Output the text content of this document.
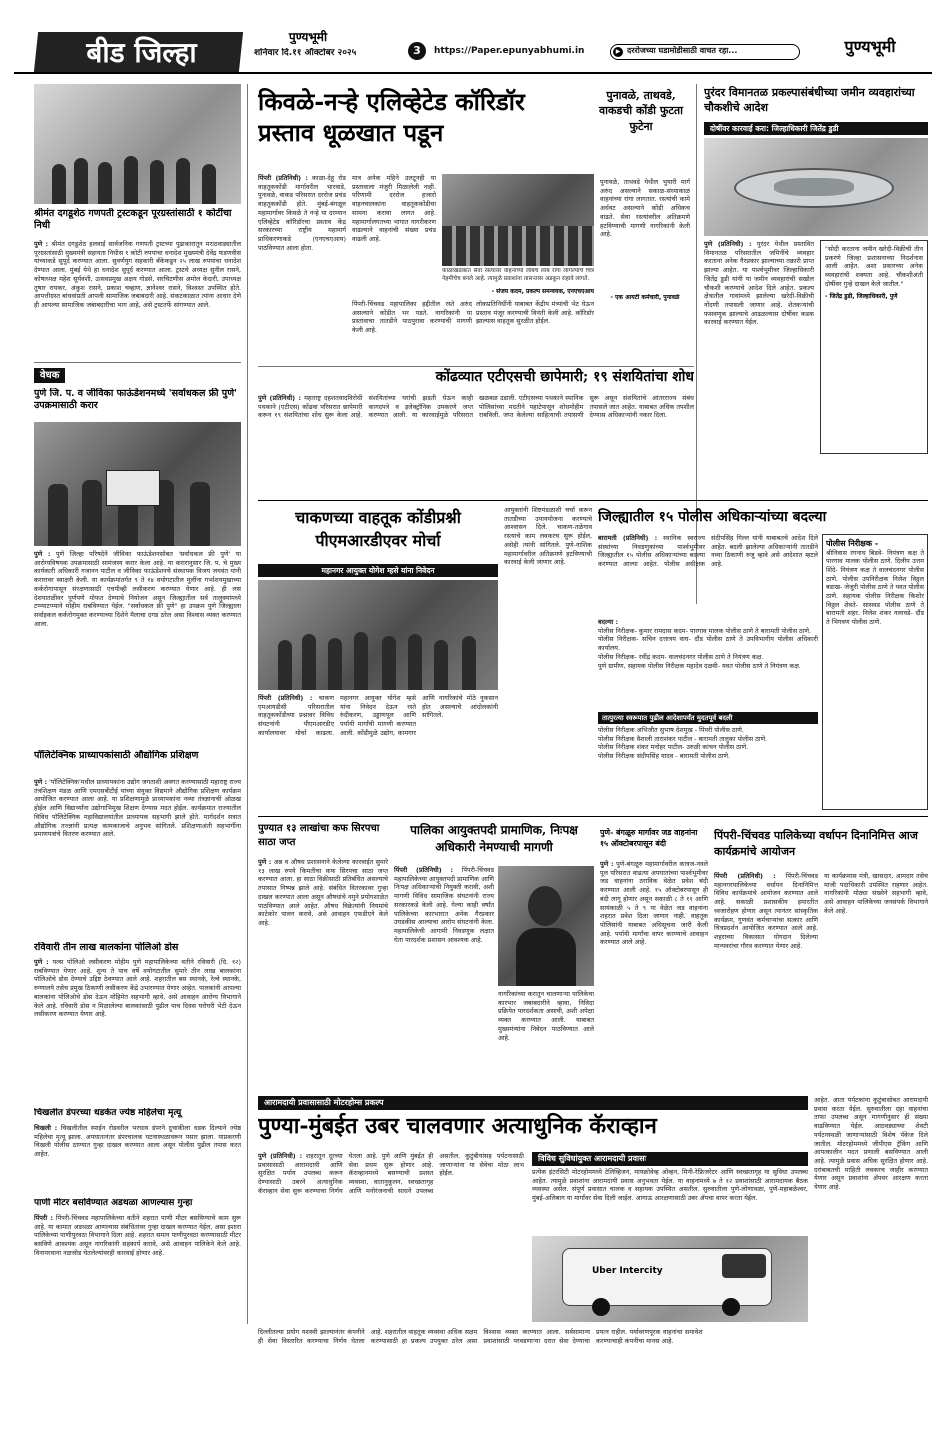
बीड जिल्हा	पुण्यभूमी
शनिवार दि.११ ऑक्टोबर २०२५	3	https://Paper.epunyabhumi.in	▶ दररोजच्या घडामोडीसाठी वाचत रहा...	पुण्यभूमी
श्रीमंत दगडूशेठ गणपती ट्रस्टकडून पूरग्रस्तांसाठी १ कोटींचा निधी
पुणे : श्रीमंत दगडूशेठ हलवाई सार्वजनिक गणपती ट्रस्टच्या पुढाकारातून मराठवाड्यातील पूरग्रस्तांसाठी मुख्यमंत्री सहायता निधीस १ कोटी रुपयांचा धनादेश मुख्यमंत्री देवेंद्र फडणवीस यांच्याकडे सुपूर्द करण्यात आला. सुवर्णयुग सहकारी बँकेकडून २५ लाख रुपयांचा धनादेश देण्यात आला. मुंबई येथे हा धनादेश सुपूर्द करण्यात आला. ट्रस्टचे अध्यक्ष सुनील रासने, कोषाध्यक्ष महेश सूर्यवंशी, उत्सवप्रमुख अक्षय गोडसे, सरचिटणीस अमोल केदारी, उपाध्यक्ष तुषार रायकर, अंकुश रासने, प्रकाश चव्हाण, ज्ञानेश्वर रासने, विश्वस्त उपस्थित होते. आपत्तीग्रस्त बांधवांप्रती आपली सामाजिक जबाबदारी आहे. संकटकाळात त्यांना आधार देणे ही आपल्या सामाजिक जबाबदारीचा भाग आहे, असे ट्रस्टतर्फे सांगण्यात आले.
वेधक
पुणे जि. प. व जीविका फाऊंडेशनमध्ये 'सर्वाधकल फ्री पुणे' उपक्रमासाठी करार
पुणे : पुणे जिल्हा परिषदेने जीविका फाऊंडेशनसोबत 'सर्वाधकल फ्री पुणे' या आरोग्यविषयक उपक्रमासाठी सामंजस्य करार केला आहे. या करारानुसार जि. प. चे मुख्य कार्यकारी अधिकारी गजानन पाटील व जीविका फाऊंडेशनचे संस्थापक विजय जयवंत यांनी करारावर स्वाक्षरी केली. या कार्यक्रमांतर्गत ९ ते १४ वयोगटातील मुलींना गर्भाशयमुखाच्या कर्करोगापासून संरक्षणासाठी एचपीव्ही लसीकरण करण्यात येणार आहे. ही लस देशपातळीवर पूर्णपणे मोफत देण्याचे नियोजन असून जिल्ह्यातील सर्व तालुक्यांमध्ये टप्प्याटप्प्याने मोहीम राबविण्यात येईल. "सर्वाधकल फ्री पुणे" हा उपक्रम पुणे जिल्ह्याला सर्वाइकल कर्करोगमुक्त करण्याच्या दिशेने मैलाचा दगड ठरेल असा विश्वास व्यक्त करण्यात आला.
पॉलिटेक्निक प्राध्यापकांसाठी औद्योगिक प्रशिक्षण
पुणे : 'पॉलिटेक्निक'मधील प्राध्यापकांना उद्योग जगताशी अवगत करण्यासाठी महाराष्ट्र राज्य तंत्रशिक्षण मंडळ आणि एमएसबीटीई यांच्या संयुक्त विद्यमाने औद्योगिक प्रशिक्षण कार्यक्रम आयोजित करण्यात आला आहे. या प्रशिक्षणामुळे प्राध्यापकांना नव्या तंत्रज्ञानाची ओळख होईल आणि विद्यार्थ्यांना उद्योगाभिमुख शिक्षण देण्यास मदत होईल. कार्यक्रमात राज्यातील विविध पॉलिटेक्निक महाविद्यालयांतील प्राध्यापक सहभागी झाले होते. मार्गदर्शन सत्रात औद्योगिक तज्ज्ञांनी प्रत्यक्ष कामकाजाचे अनुभव सांगितले. प्रशिक्षणाअंती सहभागींना प्रमाणपत्रांचे वितरण करण्यात आले.
रविवारी तीन लाख बालकांना पोलिओ डोस
पुणे : पल्स पोलिओ लसीकरण मोहीम पुणे महापालिकेच्या वतीने रविवारी (दि. १२) राबविण्यात येणार आहे. शून्य ते पाच वर्षे वयोगटातील सुमारे तीन लाख बालकांना पोलिओचे डोस देण्याचे उद्दिष्ट ठेवण्यात आले आहे. शहरातील बस स्थानके, रेल्वे स्थानके, रुग्णालये तसेच प्रमुख ठिकाणी लसीकरण केंद्रे उभारण्यात येणार आहेत. पालकांनी आपल्या बालकांना पोलिओचे डोस देऊन मोहिमेत सहभागी व्हावे, असे आवाहन आरोग्य विभागाने केले आहे. रविवारी डोस न मिळालेल्या बालकांसाठी पुढील पाच दिवस घरोघरी भेटी देऊन लसीकरण करण्यात येणार आहे.
चिखलीत डंपरच्या धडकेत ज्येष्ठ महिलेचा मृत्यू
चिखली : चिखलीतील स्पाईन रोडवरील भरधाव डंपरने दुचाकीला धडक दिल्याने ज्येष्ठ महिलेचा मृत्यू झाला. अपघातानंतर डंपरचालक घटनास्थळावरून पसार झाला. याप्रकरणी चिखली पोलीस ठाण्यात गुन्हा दाखल करण्यात आला असून पोलीस पुढील तपास करत आहेत.
पाणी मीटर बसविण्यात अडथळा आणल्यास गुन्हा
पिंपरी : पिंपरी-चिंचवड महापालिकेच्या वतीने शहरात पाणी मीटर बसविण्याचे काम सुरू आहे. या कामात अडथळा आणल्यास संबंधितांवर गुन्हा दाखल करण्यात येईल, असा इशारा पालिकेच्या पाणीपुरवठा विभागाने दिला आहे. शहरात समान पाणीपुरवठा करण्यासाठी मीटर बसविणे आवश्यक असून नागरिकांनी सहकार्य करावे, असे आवाहन पालिकेने केले आहे. विनापरवाना नळजोड घेतलेल्यांवरही कारवाई होणार आहे.
किवळे-नऱ्हे एलिव्हेटेड कॉरिडॉर प्रस्ताव धूळखात पडून
पुनावळे, ताथवडे, वाकडची कोंडी फुटता फुटेना
पिंपरी (प्रतिनिधी) : काळा-देहू रोड वाहतूककोंडी मार्गावरील भारवाडे, पुनावळे, वाकड परिसरात दररोज प्रचंड वाहतूककोंडी होते. मुंबई-बंगळूरु महामार्गावर किवळे ते नऱ्हे या दरम्यान एलिव्हेटेड कॉरिडॉरचा प्रस्ताव केंद्र सरकारच्या राष्ट्रीय महामार्ग प्राधिकरणाकडे (एनएचएआय) पाठविण्यात आला होता.
मात्र अनेक महिने उलटूनही या प्रस्तावाला मंजुरी मिळालेली नाही. परिणामी दररोज हजारो वाहनचालकांना वाहतूककोंडीचा सामना करावा लागत आहे. महामार्गालगतच्या भागात नागरीकरण वाढल्याने वाहनांची संख्या प्रचंड वाढली आहे.
काळाखडकात सेवा रस्त्यावर वाहनांच्या लांबच लांब रांगा लागल्याचे चित्र नेहमीचेच बनले आहे. त्यामुळे प्रवाशांना तासन्तास अडकून राहावे लागते.
- संजय कदम, प्रकल्प समन्वयक, एनएचएआय
पिंपरी-चिंचवड महापालिका हद्दीतील रस्ते अरुंद असल्याने कोंडीत भर पडते. नागरिकांनी या प्रस्तावाचा तातडीने पाठपुरावा करण्याची मागणी केली आहे.
लोकप्रतिनिधींनी याबाबत केंद्रीय मंत्र्यांची भेट घेऊन प्रस्ताव मंजूर करण्याची विनंती केली आहे. कॉरिडॉर झाल्यास वाहतूक सुरळीत होईल.
पुनावळे, ताथवडे येथील भुयारी मार्ग अरुंद असल्याने सकाळ-संध्याकाळ वाहनांच्या रांगा लागतात. रस्त्यांची कामे अर्धवट असल्याने कोंडी अधिकच वाढते. सेवा रस्त्यांवरील अतिक्रमणे हटविण्याची मागणी नागरिकांनी केली आहे.
- एक आयटी कर्मचारी, पुनावळे
पुरंदर विमानतळ प्रकल्पासंबंधीच्या जमीन व्यवहारांच्या चौकशीचे आदेश
दोषींवर कारवाई करा: जिल्हाधिकारी जितेंद्र डुडी
पुणे (प्रतिनिधी) : पुरंदर येथील प्रस्तावित विमानतळ परिसरातील जमिनींचे व्यवहार करताना अनेक गैरप्रकार झाल्याच्या तक्रारी प्राप्त झाल्या आहेत. या पार्श्वभूमीवर जिल्हाधिकारी जितेंद्र डुडी यांनी या जमीन व्यवहारांची सखोल चौकशी करण्याचे आदेश दिले आहेत. प्रकल्प क्षेत्रातील गावांमध्ये झालेल्या खरेदी-विक्रीची नोंदणी तपासली जाणार आहे. शेतकऱ्यांची फसवणूक झाल्याचे आढळल्यास दोषींवर कडक कारवाई करण्यात येईल.
"सोदी करताना जमीन खरेदी-विक्रीची तीन प्रकरणे जिल्हा प्रशासनाच्या निदर्शनास आली आहेत. अशा प्रकारच्या अनेक व्यवहारांची शक्यता आहे. चौकशीअंती दोषींवर गुन्हे दाखल केले जातील."
- जितेंद्र डुडी, जिल्हाधिकारी, पुणे
कोंढव्यात एटीएसची छापेमारी; १९ संशयितांचा शोध
पुणे (प्रतिनिधी) : महाराष्ट्र दहशतवादविरोधी पथकाने (एटीएस) कोंढवा परिसरात छापेमारी करून १९ संशयितांचा शोध सुरू केला आहे. संशयितांच्या घरांची झडती घेऊन काही कागदपत्रे व इलेक्ट्रॉनिक उपकरणे जप्त करण्यात आली. या कारवाईमुळे परिसरात खळबळ उडाली. एटीएसच्या पथकाने स्थानिक पोलिसांच्या मदतीने पहाटेपासून शोधमोहीम राबविली. जप्त केलेल्या साहित्याची तपासणी सुरू असून संशयितांचे आंतरराज्य संबंध तपासले जात आहेत. याबाबत अधिक तपशील देण्यास अधिकाऱ्यांनी नकार दिला.
चाकणच्या वाहतूक कोंडीप्रश्नी पीएमआरडीएवर मोर्चा
महानगर आयुक्त योगेश म्हसे यांना निवेदन
पिंपरी (प्रतिनिधी) : चाकण एमआयडीसी परिसरातील वाहतूककोंडीच्या प्रश्नावर विविध संघटनांनी पीएमआरडीए कार्यालयावर मोर्चा काढला. महानगर आयुक्त योगेश म्हसे यांना निवेदन देऊन रस्ते रुंदीकरण, उड्डाणपूल आणि पर्यायी मार्गांची मागणी करण्यात आली. कोंडीमुळे उद्योग, कामगार आणि नागरिकांचे मोठे नुकसान होत असल्याचे आंदोलकांनी सांगितले.
आयुक्तांनी शिष्टमंडळाशी चर्चा करून तातडीच्या उपाययोजना करण्याचे आश्वासन दिले. चाकण-तळेगाव रस्त्याचे काम लवकरच सुरू होईल, असेही त्यांनी सांगितले. पुणे-नाशिक महामार्गावरील अतिक्रमणे हटविण्याची कारवाई केली जाणार आहे.
जिल्ह्यातील १५ पोलीस अधिकाऱ्यांच्या बदल्या
बारामती (प्रतिनिधी) : स्थानिक स्वराज्य संस्थांच्या निवडणुकांच्या पार्श्वभूमीवर जिल्ह्यातील १५ पोलीस अधिकाऱ्यांच्या बदल्या करण्यात आल्या आहेत. पोलीस अधीक्षक संदीपसिंह गिल्ल यांनी याबाबतचे आदेश दिले आहेत. बदली झालेल्या अधिकाऱ्यांनी तातडीने नव्या ठिकाणी रुजू व्हावे असे आदेशात म्हटले आहे.
बदल्या :
पोलीस निरीक्षक- कुमार रामदास कदम- पारगाव मालक पोलीस ठाणे ते बारामती पोलीस ठाणे.
पोलीस निरीक्षक- सचिन दत्तात्रय वाघ- दौंड पोलीस ठाणे ते उपविभागीय पोलीस अधिकारी कार्यालय.
पोलीस निरीक्षक- रवींद्र कदम- वालचंदनगर पोलीस ठाणे ते नियंत्रण कक्ष.
पुणे ग्रामीण, सहायक पोलीस निरीक्षक महादेव दळवी- यवत पोलीस ठाणे ते नियंत्रण कक्ष.
तात्पुरत्या स्वरूपात पुढील आदेशापर्यंत मुदतपूर्व बदली
पोलीस निरीक्षक अभिजीत सुभाष देशमुख - पिंपरी पोलीस ठाणे.
पोलीस निरीक्षक वैशाली ताराशंकर पाटील - बारामती तालुका पोलीस ठाणे.
पोलीस निरीक्षक शंकर मनोहर पाटील- उरुळी कांचन पोलीस ठाणे.
पोलीस निरीक्षक संदीपसिंह यादव - बारामती पोलीस ठाणे.
पोलीस निरीक्षक -
श्रीनिवास रंगनाथ बिडवे- नियंत्रण कक्ष ते पारगाव मालक पोलीस ठाणे. दिलीप उत्तम शिंदे- नियंत्रण कक्ष ते वालचंदनगर पोलीस ठाणे. पोलीस उपनिरीक्षक निलेश विठ्ठल बडाख- जेजुरी पोलीस ठाणे ते यवत पोलीस ठाणे. सहायक पोलीस निरीक्षक किशोर विठ्ठल शेवते- सासवड पोलीस ठाणे ते बारामती शहर. निलेश शंकर नलावडे- दौंड ते भिगवण पोलीस ठाणे.
पुण्यात १३ लाखांचा कफ सिरपचा साठा जप्त
पुणे : अन्न व औषध प्रशासनाने केलेल्या कारवाईत सुमारे १३ लाख रुपये किमतीचा कफ सिरपचा साठा जप्त करण्यात आला. हा साठा विक्रीसाठी प्रतिबंधित असल्याचे तपासात निष्पन्न झाले आहे. संबंधित वितरकावर गुन्हा दाखल करण्यात आला असून औषधांचे नमुने प्रयोगशाळेत पाठविण्यात आले आहेत. औषध विक्रेत्यांनी नियमांचे काटेकोर पालन करावे, असे आवाहन एफडीएने केले आहे.
पालिका आयुक्तपदी प्रामाणिक, निःपक्ष अधिकारी नेमण्याची मागणी
पिंपरी (प्रतिनिधी) : पिंपरी-चिंचवड महापालिकेच्या आयुक्तपदी प्रामाणिक आणि निःपक्ष अधिकाऱ्याची नियुक्ती करावी, अशी मागणी विविध सामाजिक संघटनांनी राज्य सरकारकडे केली आहे. गेल्या काही वर्षांत पालिकेच्या कारभारात अनेक गैरप्रकार उघडकीस आल्याचा आरोप संघटनांनी केला. महापालिकेची आगामी निवडणूक लक्षात घेता पारदर्शक प्रशासन आवश्यक आहे.
नागरिकांच्या करातून चालणाऱ्या पालिकेचा कारभार जबाबदारीने व्हावा, निविदा प्रक्रियेत पारदर्शकता असावी, अशी अपेक्षा व्यक्त करण्यात आली. याबाबत मुख्यमंत्र्यांना निवेदन पाठविण्यात आले आहे.
पुणे- बंगळूरु मार्गावर जड वाहनांना १५ ऑक्टोबरपासून बंदी
पुणे : पुणे-बंगळूरु महामार्गावरील कात्रज-नवले पूल परिसरात वाढत्या अपघातांच्या पार्श्वभूमीवर जड वाहनांना ठराविक वेळेत प्रवेश बंदी करण्यात आली आहे. १५ ऑक्टोबरपासून ही बंदी लागू होणार असून सकाळी ८ ते ११ आणि सायंकाळी ५ ते ९ या वेळेत जड वाहनांना शहरात प्रवेश दिला जाणार नाही. वाहतूक पोलिसांनी याबाबत अधिसूचना जारी केली आहे. पर्यायी मार्गांचा वापर करण्याचे आवाहन करण्यात आले आहे.
पिंपरी-चिंचवड पालिकेच्या वर्धापन दिनानिमित्त आज कार्यक्रमांचे आयोजन
पिंपरी (प्रतिनिधी) : पिंपरी-चिंचवड महानगरपालिकेच्या वर्धापन दिनानिमित्त विविध कार्यक्रमांचे आयोजन करण्यात आले आहे. सकाळी प्रशासकीय इमारतीत ध्वजारोहण होणार असून त्यानंतर सांस्कृतिक कार्यक्रम, गुणवंत कर्मचाऱ्यांचा सत्कार आणि चित्रप्रदर्शन आयोजित करण्यात आले आहे. शहराच्या विकासात योगदान दिलेल्या मान्यवरांचा गौरव करण्यात येणार आहे.
या कार्यक्रमास मंत्री, खासदार, आमदार तसेच माजी पदाधिकारी उपस्थित राहणार आहेत. नागरिकांनी मोठ्या संख्येने सहभागी व्हावे, असे आवाहन पालिकेच्या जनसंपर्क विभागाने केले आहे.
आरामदायी प्रवासासाठी मोटरहोम्स प्रकल्प
पुण्या-मुंबईत उबर चालवणार अत्याधुनिक कॅराव्हान
पुणे (प्रतिनिधी) : शहरातून दूरच्या प्रवासासाठी आरामदायी आणि सुरक्षित पर्याय उपलब्ध करून देण्यासाठी उबरने अत्याधुनिक कॅराव्हान सेवा सुरू करण्याचा निर्णय घेतला आहे. पुणे आणि मुंबईत ही सेवा प्रथम सुरू होणार आहे. कॅराव्हानमध्ये बसण्याची प्रशस्त व्यवस्था, वातानुकूलन, स्वच्छतागृह आणि मनोरंजनाची साधने उपलब्ध असतील. कुटुंबीयांसह पर्यटनासाठी जाणाऱ्यांना या सेवेचा मोठा लाभ होईल.
विविध सुविधांयुक्त आरामदायी प्रवासः
प्रत्येक इंटरसिटी मोटरहोममध्ये टेलिव्हिजन, मायक्रोवेव्ह ओव्हन, मिनी-रेफ्रिजरेटर आणि स्वच्छतागृह या सुविधा उपलब्ध आहेत. त्यामुळे प्रवाशांना आरामदायी प्रवास अनुभवता येईल. या वाहनांमध्ये ७ ते १२ प्रवाशांसाठी आरामदायक बैठक व्यवस्था असेल. संपूर्ण प्रवासात चालक व सहायक उपस्थित असतील. सुरुवातीला पुणे-लोणावळा, पुणे-महाबळेश्वर, मुंबई-अलिबाग या मार्गांवर सेवा दिली जाईल. आगाऊ आरक्षणासाठी उबर ॲपचा वापर करता येईल.
Uber Intercity
आहेत. आता पर्यटकांना कुटुंबासोबत आरामदायी प्रवास करता येईल. सुरुवातीला दहा वाहनांचा ताफा उपलब्ध असून मागणीनुसार ही संख्या वाढविण्यात येईल. आठवड्याच्या शेवटी पर्यटनस्थळी जाणाऱ्यांसाठी विशेष पॅकेज दिले जातील. मोटरहोममध्ये जीपीएस ट्रॅकिंग आणि आपत्कालीन मदत प्रणाली बसविण्यात आली आहे. त्यामुळे प्रवास अधिक सुरक्षित होणार आहे. दरांबाबतची माहिती लवकरच जाहीर करण्यात येणार असून प्रवाशांना ॲपवर आरक्षण करता येणार आहे.
दिल्लीतल्या प्रयोग यशस्वी झाल्यानंतर कंपनीने ही सेवा विस्तारित करण्याचा निर्णय घेतला आहे. शहरातील वाहतूक व्यवस्था अधिक सक्षम करण्यासाठी हा प्रकल्प उपयुक्त ठरेल असा विश्वास व्यक्त करण्यात आला. सर्वसामान्य प्रवाशांसाठी परवडणाऱ्या दरात सेवा देण्याचा प्रयत्न राहील. पर्यावरणपूरक वाहनांचा समावेश करण्याचाही कंपनीचा मानस आहे.
